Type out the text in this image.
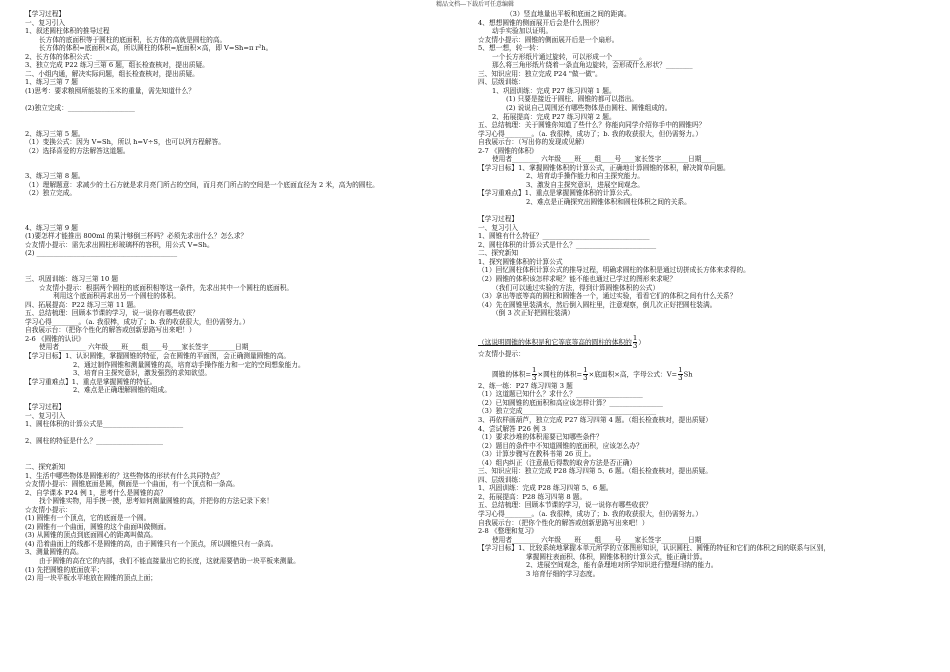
精品文档---下载后可任意编辑
【学习过程】
一、复习引入
1、叙述圆柱体积的推导过程
长方体的底面积等于圆柱的底面积，长方体的高就是圆柱的高。
长方体的体积=底面积×高，所以圆柱的体积=底面积×高，即 V=Sh=π r²h。
2、长方体的体积公式：____________
3、独立完成 P22 练习三第 6 题，组长检查核对，提出质疑。
二、小组内通，解决实际问题，组长检查核对，提出质疑。
1、练习三第 7 题
(1)思考：要求粮囤所能装的玉米的重量，需先知道什么？
(2)独立完成：____________________
2、练习三第 5 题。
（1）变换公式：因为 V=Sh，所以 h=V÷S，也可以列方程解答。
（2）选择喜爱的方法解答这道题。
3、练习三第 8 题。
（1）理解题意：求减少的土石方就是求月亮门所占的空间，而月亮门所占的空间是一个底面直径为 2 米，高为的圆柱。
（2）独立完成。
4、练习三第 9 题
(1)要怎样才能推出 800ml 的果汁够倒三杯吗？必须先求出什么？怎么求？
☆友情小提示：需先求出圆柱形玻璃杯的容积，用公式 V=Sh。
(2) __________________________________________
三、巩固训练：练习三第 10 题
☆友情小提示：根据两个圆柱的底面积相等这一条件，先求出其中一个圆柱的底面积。
利用这个底面积再求出另一个圆柱的体积。
四、拓展提高：P22 练习三第 11 题。
五、总结梳理：回顾本节课的学习，说一说你有哪些收获？
学习心得________。（a. 我很棒，成功了；b. 我的收获很大，但仍需努力。）
自我展示台：（把你个性化的解答或创新思路写出来吧！）
2-6 《圆锥的认识》
使用者________ 六年级____班____组____号____家长签字________日期____
【学习目标】1、认识圆锥，掌握圆锥的特征，会在圆锥的平面图，会正确测量圆锥的高。
2、通过制作圆锥和测量圆锥的高，培育动手操作能力和一定的空间想象能力。
3、培育自主探究意识，激发强烈的求知欲望。
【学习重难点】1、重点是掌握圆锥的特征。
2、难点是正确理解圆锥的组成。
【学习过程】
一、复习引入
1、圆柱体积的计算公式是________________________
2、圆柱的特征是什么？____________________
二、探究新知
1、生活中哪些物体是圆锥形的？这些物体的形状有什么共同特点？
☆友情小提示：圆锥底面是圆，侧面是一个曲面，有一个顶点和一条高。
2、自学课本 P24 例 1，思考什么是圆锥的高？
找个圆锥实物，用手摸一摸，思考如何测量圆锥的高，并把你的方法记录下来！
☆友情小提示：
(1) 圆锥有一个顶点，它的底面是一个圆。
(2) 圆锥有一个曲面，圆锥的这个曲面叫做侧面。
(3) 从圆锥的顶点到底面圆心的距离叫做高。
(4) 沿着曲面上的线都不是圆锥的高，由于圆锥只有一个顶点，所以圆锥只有一条高。
3、测量圆锥的高。
由于圆锥的高在它的内部，我们不能直接量出它的长度，这就需要借助一块平板来测量。
(1) 先把圆锥的底面放平；
(2) 用一块平板水平地放在圆锥的顶点上面；
（3）竖直地量出平板和底面之间的距离。
4、想想圆锥的侧面展开后会是什么图形？
动手实验加以证明。
☆友情小提示：圆锥的侧面展开后是一个扇形。
5、想一想，转一转：
一个长方形纸片通过旋转，可以形成一个________。
那么将三角形纸片绕着一条直角边旋转，会形成什么形状？________
三、知识应用：独立完成 P24 "做一做"。
四、层级训练：
1、巩固训练：完成 P27 练习四第 1 题。
(1) 只要是接近于圆柱、圆锥的都可以指出。
(2) 说说自己周围还有哪些物体是由圆柱、圆锥组成的。
2、拓展提高：完成 P27 练习四第 2 题。
五、总结梳理：关于圆锥你知道了些什么？你能向同学介绍你手中的圆锥吗？
学习心得________。（a. 我很棒，成功了；b. 我的收获很大，但仍需努力。）
自我展示台：（写出你的发现或见解）
2-7 《圆锥的体积》
使用者________ 六年级____班____组____号____家长签字________日期____
【学习目标】1、掌握圆锥体积的计算公式，正确地计算圆锥的体积，解决简单问题。
2、培育动手操作能力和自主探究能力。
3、激发自主探究意识，进展空间观念。
【学习重难点】1、重点是掌握圆锥体积的计算公式。
2、难点是正确探究出圆锥体积和圆柱体积之间的关系。
【学习过程】
一、复习引入
1、圆锥有什么特征？________________________________
2、圆柱体积的计算公式是什么？________________________
二、探究新知
1、探究圆锥体积的计算公式
（1）回忆圆柱体积计算公式的推导过程，明确求圆柱的体积是通过切拼成长方体来求得的。
（2）圆锥的体积该怎样求呢？能不能也通过已学过的图形来求呢？
（我们可以通过实验的方法，得到计算圆锥体积的公式）
（3）拿出等底等高的圆柱和圆锥各一个，通过实验，看看它们的体积之间有什么关系？
（4）先在圆锥里装满水，然后倒入圆柱里，注意观察，倒几次正好把圆柱装满。
（倒 3 次正好把圆柱装满）
（这说明圆锥的体积是和它等底等高的圆柱的体积的 $\frac{1}{3}$ ）
☆友情小提示：
圆锥的体积= $\frac{1}{3}$ ×圆柱的体积= $\frac{1}{3}$ ×底面积×高，字母公式：$V= \frac{1}{3}$ Sh
2、练一练：P27 练习四第 3 题
（1）这道题已知什么？求什么？____________________
（2）已知圆锥的底面积和高应该怎样计算？________________
（3）独立完成________________________________________
3、再依样画葫芦，独立完成 P27 练习四第 4 题。（组长检查核对，提出质疑）
4、尝试解答 P26 例 3
（1）要求沙堆的体积需要已知哪些条件？
（2）题目的条件中不知道圆锥的底面积，应该怎么办？
（3）计算步骤写在教科书第 26 页上。
（4）组内纠正（注意最后得数的取舍方法是否正确）
三、知识应用：独立完成 P28 练习四第 5、6 题。（组长检查核对，提出质疑。
四、层级训练：
1、巩固训练：完成 P28 练习四第 5、6 题。
2、拓展提高：P28 练习四第 8 题。
五、总结梳理：回顾本节课的学习，说一说你有哪些收获？
学习心得________。（a. 我很棒，成功了；b. 我的收获很大，但仍需努力。）
自我展示台：（把你个性化的解答或创新思路写出来吧！）
2-8 《整理和复习》
使用者________ 六年级____班____组____号____家长签字________日期____
【学习目标】1、比较系统地掌握本单元所学的立体图形知识，认识圆柱、圆锥的特征和它们的体积之间的联系与区别，
掌握圆柱表面积、体积，圆锥体积的计算公式，能正确计算。
2、进展空间观念，能有条理地对所学知识进行整理归纳的能力。
3 培育仔细的学习态度。
